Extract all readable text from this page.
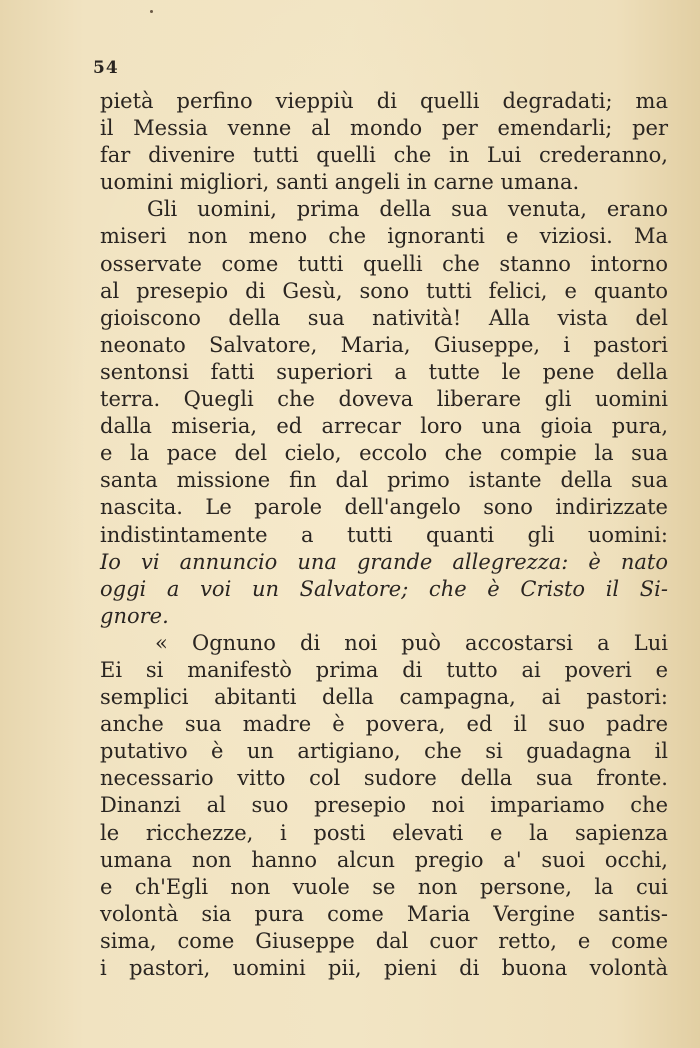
54
pietà perfino vieppiù di quelli degradati; ma
il Messia venne al mondo per emendarli; per
far divenire tutti quelli che in Lui crederanno,
uomini migliori, santi angeli in carne umana.
Gli uomini, prima della sua venuta, erano
miseri non meno che ignoranti e viziosi. Ma
osservate come tutti quelli che stanno intorno
al presepio di Gesù, sono tutti felici, e quanto
gioiscono della sua natività! Alla vista del
neonato Salvatore, Maria, Giuseppe, i pastori
sentonsi fatti superiori a tutte le pene della
terra. Quegli che doveva liberare gli uomini
dalla miseria, ed arrecar loro una gioia pura,
e la pace del cielo, eccolo che compie la sua
santa missione fin dal primo istante della sua
nascita. Le parole dell'angelo sono indirizzate
indistintamente a tutti quanti gli uomini:
Io vi annuncio una grande allegrezza: è nato
oggi a voi un Salvatore; che è Cristo il Si-
gnore.
« Ognuno di noi può accostarsi a Lui
Ei si manifestò prima di tutto ai poveri e
semplici abitanti della campagna, ai pastori:
anche sua madre è povera, ed il suo padre
putativo è un artigiano, che si guadagna il
necessario vitto col sudore della sua fronte.
Dinanzi al suo presepio noi impariamo che
le ricchezze, i posti elevati e la sapienza
umana non hanno alcun pregio a' suoi occhi,
e ch'Egli non vuole se non persone, la cui
volontà sia pura come Maria Vergine santis-
sima, come Giuseppe dal cuor retto, e come
i pastori, uomini pii, pieni di buona volontà
